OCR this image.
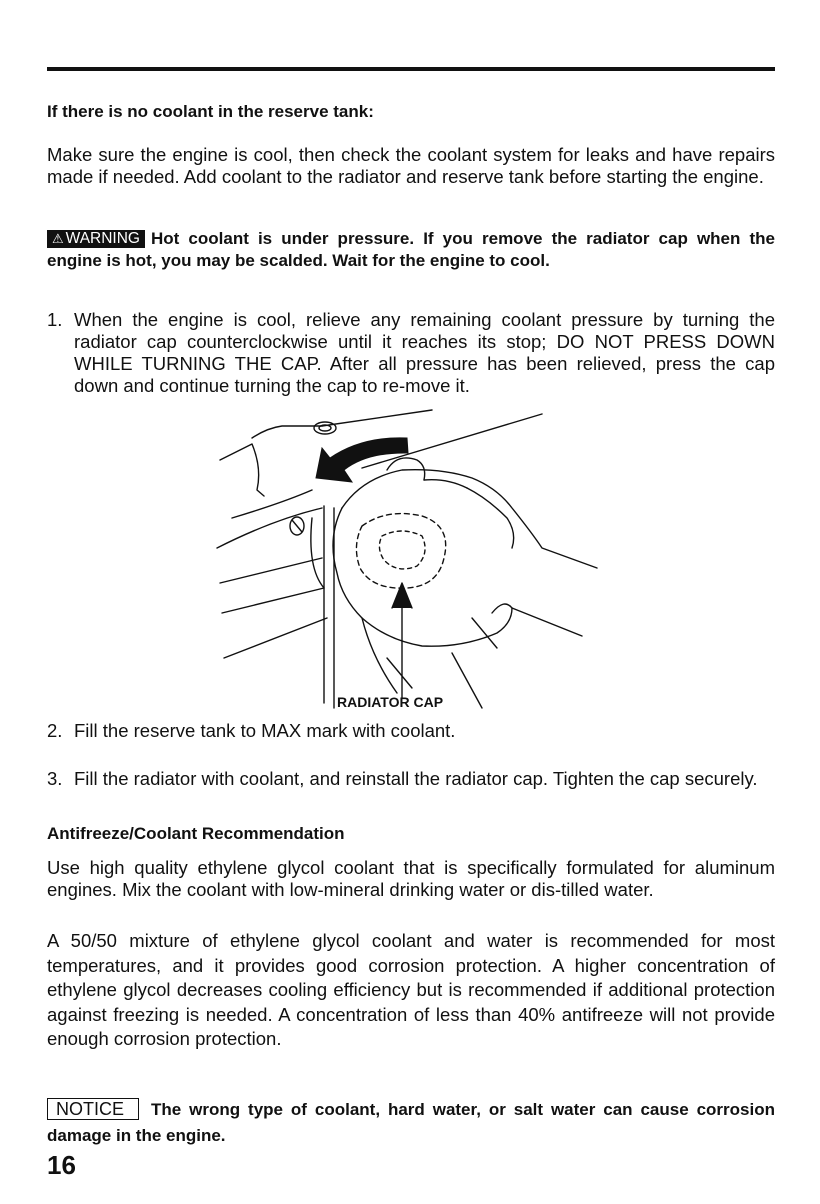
If there is no coolant in the reserve tank:
Make sure the engine is cool, then check the coolant system for leaks and have repairs made if needed. Add coolant to the radiator and reserve tank before starting the engine.
⚠ WARNING Hot coolant is under pressure. If you remove the radiator cap when the engine is hot, you may be scalded. Wait for the engine to cool.
1. When the engine is cool, relieve any remaining coolant pressure by turning the radiator cap counterclockwise until it reaches its stop; DO NOT PRESS DOWN WHILE TURNING THE CAP. After all pressure has been relieved, press the cap down and continue turning the cap to re-move it.
RADIATOR CAP
2. Fill the reserve tank to MAX mark with coolant.
3. Fill the radiator with coolant, and reinstall the radiator cap. Tighten the cap securely.
Antifreeze/Coolant Recommendation
Use high quality ethylene glycol coolant that is specifically formulated for aluminum engines. Mix the coolant with low-mineral drinking water or dis-tilled water.
A 50/50 mixture of ethylene glycol coolant and water is recommended for most temperatures, and it provides good corrosion protection. A higher concentration of ethylene glycol decreases cooling efficiency but is recommended if additional protection against freezing is needed. A concentration of less than 40% antifreeze will not provide enough corrosion protection.
NOTICE The wrong type of coolant, hard water, or salt water can cause corrosion damage in the engine.
16
